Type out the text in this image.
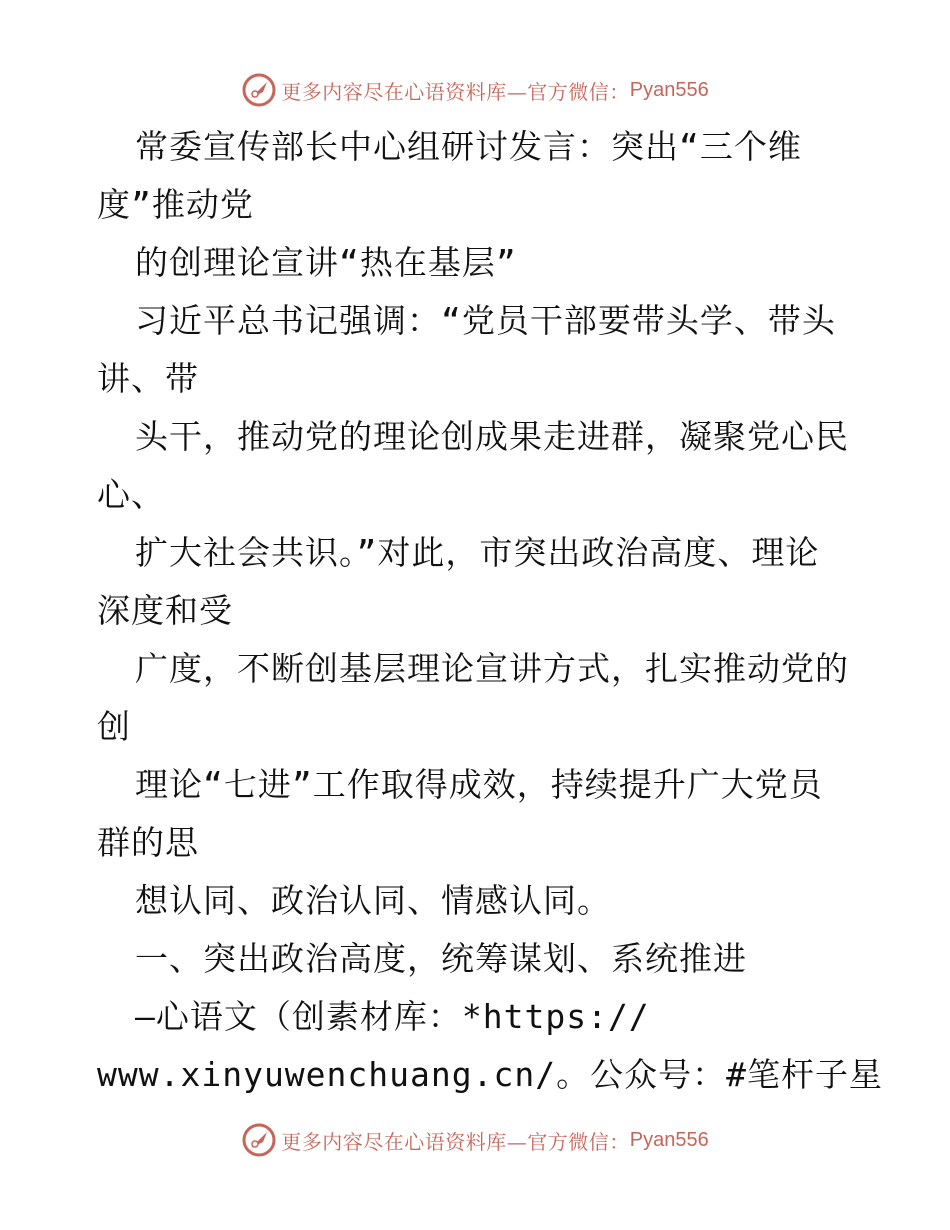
更多内容尽在心语资料库—官方微信： Pyan556
常委宣传部长中心组研讨发言：突出“三个维
度”推动党
的创理论宣讲“热在基层”
习近平总书记强调：“党员干部要带头学、带头
讲、带
头干，推动党的理论创成果走进群，凝聚党心民
心、
扩大社会共识。”对此，市突出政治高度、理论
深度和受
广度，不断创基层理论宣讲方式，扎实推动党的
创
理论“七进”工作取得成效，持续提升广大党员
群的思
想认同、政治认同、情感认同。
一、突出政治高度，统筹谋划、系统推进
—心语文（创素材库：*https://
www.xinyuwenchuang.cn/。公众号：#笔杆子星
更多内容尽在心语资料库—官方微信： Pyan556
